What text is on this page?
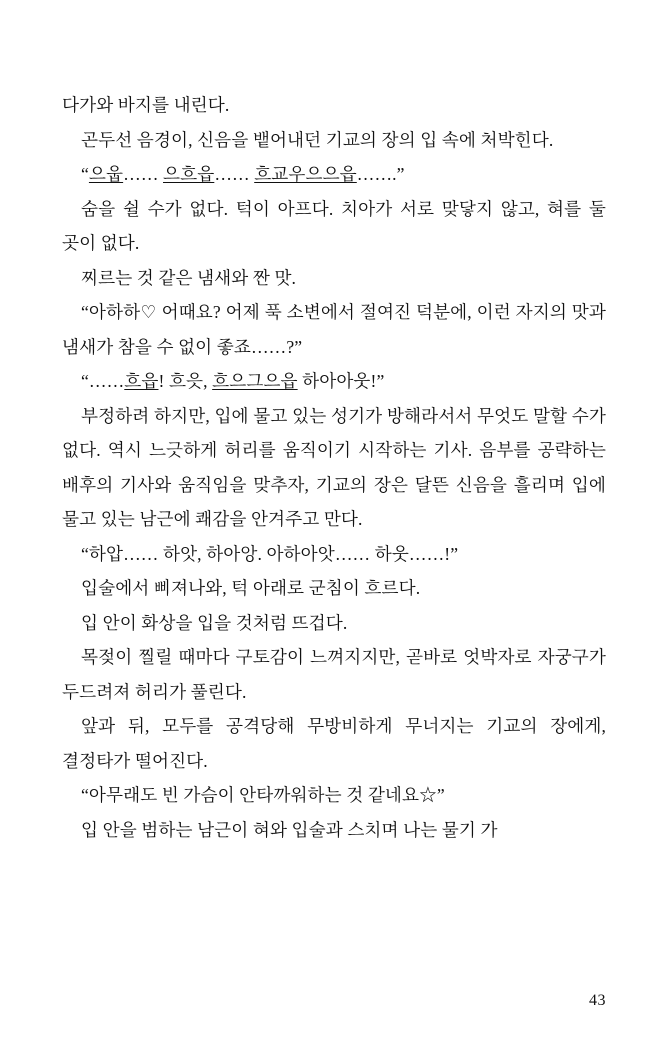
다가와 바지를 내린다.

곤두선 음경이, 신음을 뱉어내던 기교의 장의 입 속에 처박힌다.

“으웁…… 으흐읍…… 흐교우으으읍…….”

숨을 쉴 수가 없다. 턱이 아프다. 치아가 서로 맞닿지 않고, 혀를 둘 곳이 없다.

찌르는 것 같은 냄새와 짠 맛.

“아하하♡ 어때요? 어제 푹 소변에서 절여진 덕분에, 이런 자지의 맛과 냄새가 참을 수 없이 좋죠……?”

“……흐읍! 흐읏, 흐으그으읍 하아아웃!”

부정하려 하지만, 입에 물고 있는 성기가 방해라서서 무엇도 말할 수가 없다. 역시 느긋하게 허리를 움직이기 시작하는 기사. 음부를 공략하는 배후의 기사와 움직임을 맞추자, 기교의 장은 달뜬 신음을 흘리며 입에 물고 있는 남근에 쾌감을 안겨주고 만다.

“하압…… 하앗, 하아앙. 아하아앗…… 하웃……!”

입술에서 삐져나와, 턱 아래로 군침이 흐르다.

입 안이 화상을 입을 것처럼 뜨겁다.

목젖이 찔릴 때마다 구토감이 느껴지지만, 곧바로 엇박자로 자궁구가 두드려져 허리가 풀린다.

앞과 뒤, 모두를 공격당해 무방비하게 무너지는 기교의 장에게, 결정타가 떨어진다.

“아무래도 빈 가슴이 안타까워하는 것 같네요☆”

입 안을 범하는 남근이 혀와 입술과 스치며 나는 물기 가

43
